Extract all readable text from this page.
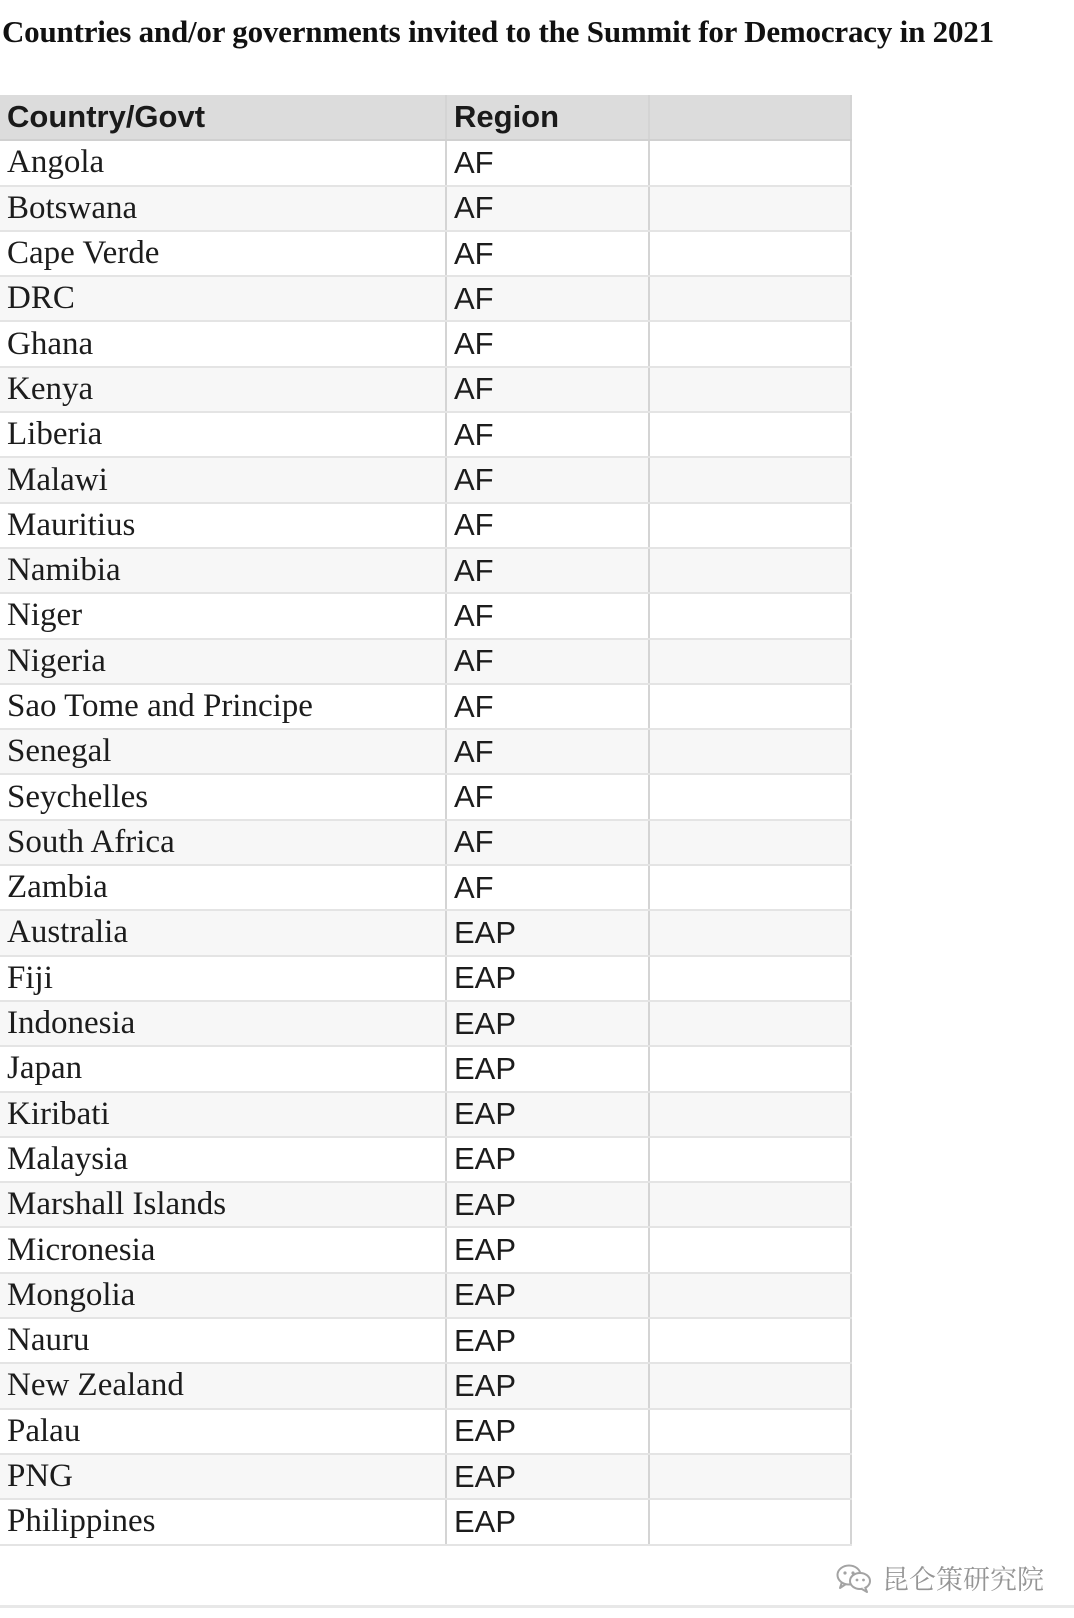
Countries and/or governments invited to the Summit for Democracy in 2021
Country/Govt	Region	
Angola	AF	
Botswana	AF	
Cape Verde	AF	
DRC	AF	
Ghana	AF	
Kenya	AF	
Liberia	AF	
Malawi	AF	
Mauritius	AF	
Namibia	AF	
Niger	AF	
Nigeria	AF	
Sao Tome and Principe	AF	
Senegal	AF	
Seychelles	AF	
South Africa	AF	
Zambia	AF	
Australia	EAP	
Fiji	EAP	
Indonesia	EAP	
Japan	EAP	
Kiribati	EAP	
Malaysia	EAP	
Marshall Islands	EAP	
Micronesia	EAP	
Mongolia	EAP	
Nauru	EAP	
New Zealand	EAP	
Palau	EAP	
PNG	EAP	
Philippines	EAP	
昆仑策研究院
